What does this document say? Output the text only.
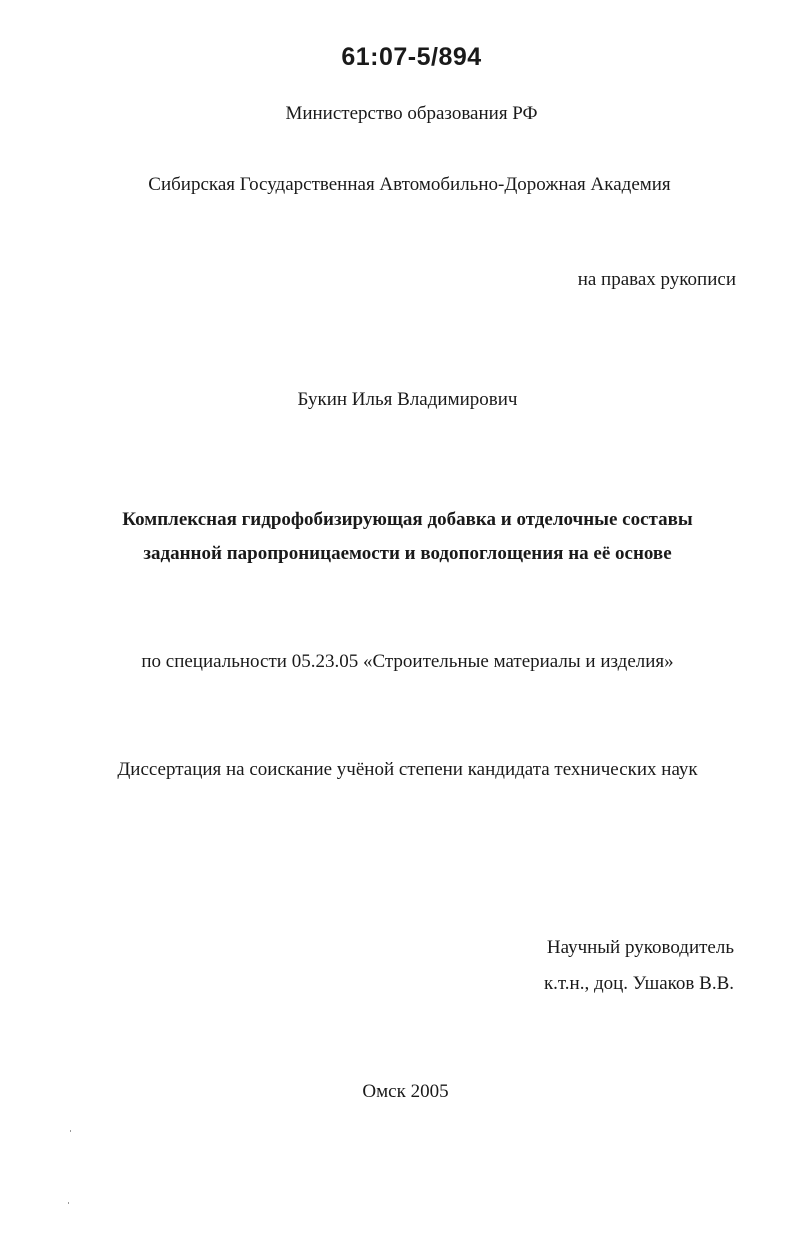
61:07-5/894
Министерство образования РФ
Сибирская Государственная Автомобильно-Дорожная Академия
на правах рукописи
Букин Илья Владимирович
Комплексная гидрофобизирующая добавка и отделочные составы
заданной паропроницаемости и водопоглощения на её основе
по специальности 05.23.05 «Строительные материалы и изделия»
Диссертация на соискание учёной степени кандидата технических наук
Научный руководитель
к.т.н., доц. Ушаков В.В.
Омск 2005
